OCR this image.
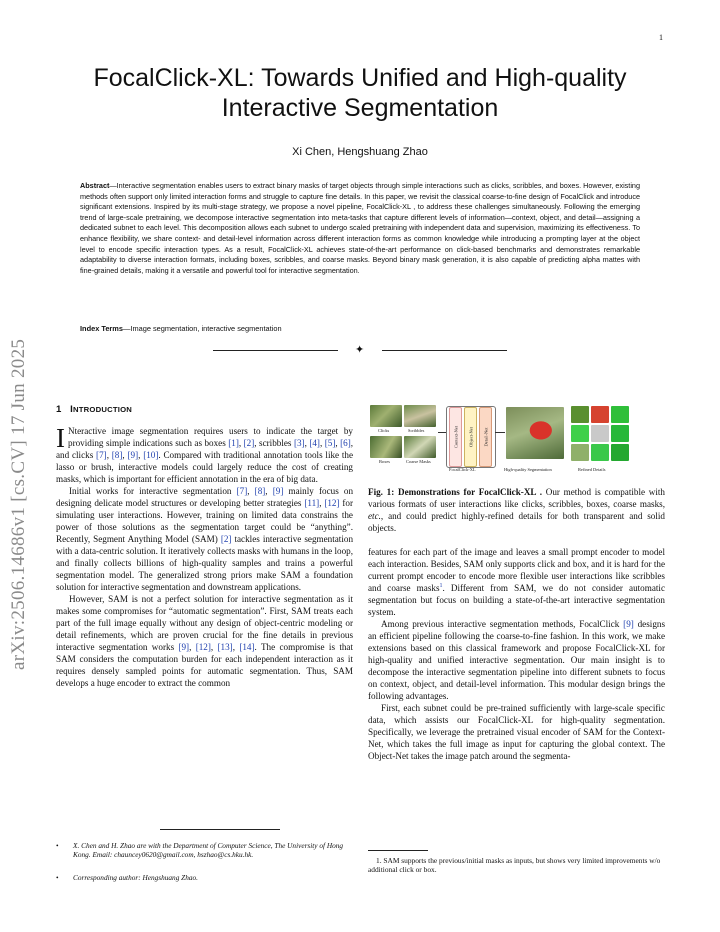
1
FocalClick-XL: Towards Unified and High-quality Interactive Segmentation
Xi Chen, Hengshuang Zhao

Abstract—Interactive segmentation enables users to extract binary masks of target objects through simple interactions such as clicks, scribbles, and boxes. However, existing methods often support only limited interaction forms and struggle to capture fine details. In this paper, we revisit the classical coarse-to-fine design of FocalClick and introduce significant extensions. Inspired by its multi-stage strategy, we propose a novel pipeline, FocalClick-XL , to address these challenges simultaneously. Following the emerging trend of large-scale pretraining, we decompose interactive segmentation into meta-tasks that capture different levels of information—context, object, and detail—assigning a dedicated subnet to each level. This decomposition allows each subnet to undergo scaled pretraining with independent data and supervision, maximizing its effectiveness. To enhance flexibility, we share context- and detail-level information across different interaction forms as common knowledge while introducing a prompting layer at the object level to encode specific interaction types. As a result, FocalClick-XL achieves state-of-the-art performance on click-based benchmarks and demonstrates remarkable adaptability to diverse interaction formats, including boxes, scribbles, and coarse masks. Beyond binary mask generation, it is also capable of predicting alpha mattes with fine-grained details, making it a versatile and powerful tool for interactive segmentation.

Index Terms—Image segmentation, interactive segmentation
✦
arXiv:2506.14686v1 [cs.CV] 17 Jun 2025	1 INTRODUCTION

I Nteractive image segmentation requires users to indicate the target by providing simple indications such as boxes [1], [2], scribbles [3], [4], [5], [6], and clicks [7], [8], [9], [10]. Compared with traditional annotation tools like the lasso or brush, interactive models could largely reduce the cost of creating masks, which is important for efficient annotation in the era of big data.

Initial works for interactive segmentation [7], [8], [9] mainly focus on designing delicate model structures or developing better strategies [11], [12] for simulating user interactions. However, training on limited data constrains the power of those solutions as the segmentation target could be “anything”. Recently, Segment Anything Model (SAM) [2] tackles interactive segmentation with a data-centric solution. It iteratively collects masks with humans in the loop, and finally collects billions of high-quality samples and trains a powerful segmentation model. The generalized strong priors make SAM a foundation solution for interactive segmentation and downstream applications.

However, SAM is not a perfect solution for interactive segmentation as it makes some compromises for “automatic segmentation”. First, SAM treats each part of the full image equally without any design of object-centric modeling or detail refinements, which are proven crucial for the fine details in previous interactive segmentation works [9], [12], [13], [14]. The compromise is that SAM considers the computation burden for each independent interaction as it requires densely sampled points for automatic segmentation. Thus, SAM develops a huge encoder to extract the common

• X. Chen and H. Zhao are with the Department of Computer Science, The University of Hong Kong. Email: chauncey0620@gmail.com, hszhao@cs.hku.hk.
• Corresponding author: Hengshuang Zhao.
Clicks	Scribbles
Boxes	Coarse Masks
Context-Net Object-Net Detail-Net
FocalClick-XL	High-quality Segmentation	Refined Details

Fig. 1: Demonstrations for FocalClick-XL . Our method is compatible with various formats of user interactions like clicks, scribbles, boxes, coarse masks, etc., and could predict highly-refined details for both transparent and solid objects.

features for each part of the image and leaves a small prompt encoder to model each interaction. Besides, SAM only supports click and box, and it is hard for the current prompt encoder to encode more flexible user interactions like scribbles and coarse masks$^1$. Different from SAM, we do not consider automatic segmentation but focus on building a state-of-the-art interactive segmentation system.

Among previous interactive segmentation methods, FocalClick [9] designs an efficient pipeline following the coarse-to-fine fashion. In this work, we make extensions based on this classical framework and propose FocalClick-XL for high-quality and unified interactive segmentation. Our main insight is to decompose the interactive segmentation pipeline into different subnets to focus on context, object, and detail-level information. This modular design brings the following advantages.

First, each subnet could be pre-trained sufficiently with large-scale specific data, which assists our FocalClick-XL for high-quality segmentation. Specifically, we leverage the pretrained visual encoder of SAM for the Context-Net, which takes the full image as input for capturing the global context. The Object-Net takes the image patch around the segmenta-

1. SAM supports the previous/initial masks as inputs, but shows very limited improvements w/o additional click or box.
